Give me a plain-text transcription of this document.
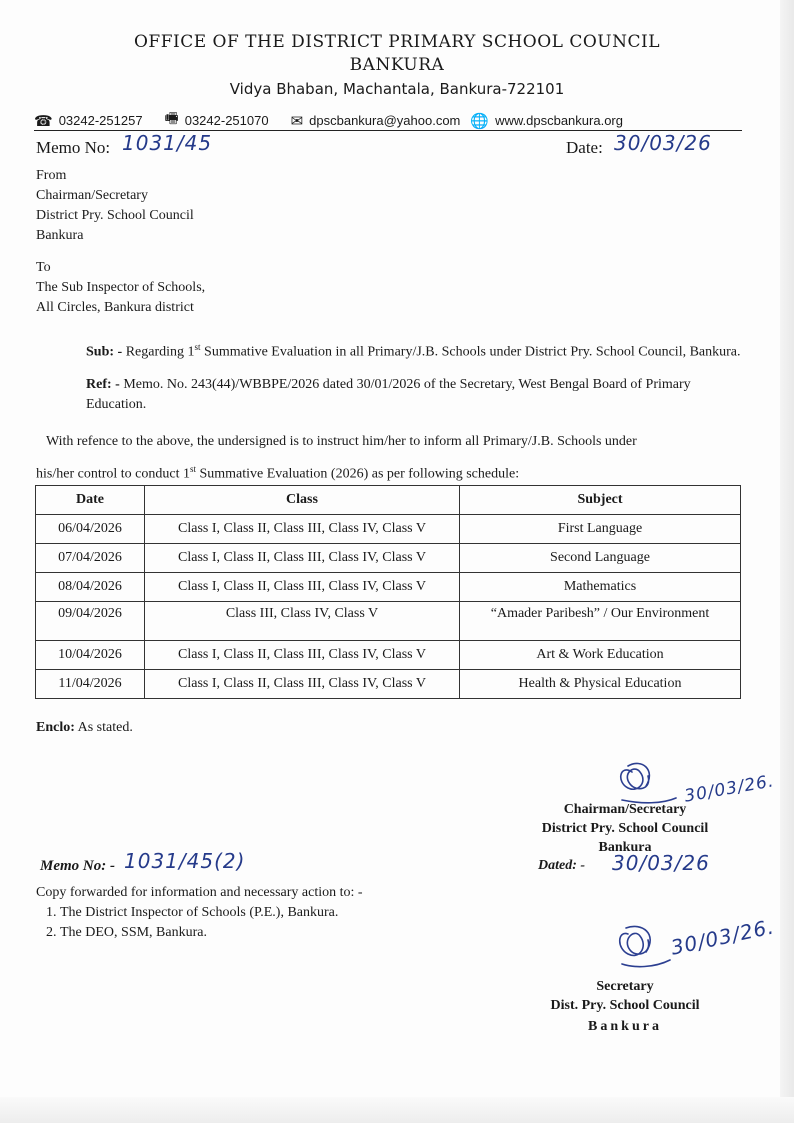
OFFICE OF THE DISTRICT PRIMARY SCHOOL COUNCIL
BANKURA
Vidya Bhaban, Machantala, Bankura-722101
☎ 03242-251257 🖷 03242-251070 ✉ dpscbankura@yahoo.com 🌐 www.dpscbankura.org
Memo No: 1031/45	Date: 30/03/26
From
Chairman/Secretary
District Pry. School Council
Bankura
To
The Sub Inspector of Schools,
All Circles, Bankura district
Sub: - Regarding 1st Summative Evaluation in all Primary/J.B. Schools under District Pry. School Council, Bankura.
Ref: - Memo. No. 243(44)/WBBPE/2026 dated 30/01/2026 of the Secretary, West Bengal Board of Primary Education.
With refence to the above, the undersigned is to instruct him/her to inform all Primary/J.B. Schools under
his/her control to conduct 1st Summative Evaluation (2026) as per following schedule:
Date	Class	Subject
06/04/2026	Class I, Class II, Class III, Class IV, Class V	First Language
07/04/2026	Class I, Class II, Class III, Class IV, Class V	Second Language
08/04/2026	Class I, Class II, Class III, Class IV, Class V	Mathematics
09/04/2026	Class III, Class IV, Class V	“Amader Paribesh” / Our Environment
10/04/2026	Class I, Class II, Class III, Class IV, Class V	Art & Work Education
11/04/2026	Class I, Class II, Class III, Class IV, Class V	Health & Physical Education
Enclo: As stated.
30/03/26.
Chairman/Secretary
District Pry. School Council
Bankura
Dated: - 30/03/26
Memo No: - 1031/45(2)
Copy forwarded for information and necessary action to: -
1. The District Inspector of Schools (P.E.), Bankura.
2. The DEO, SSM, Bankura.	30/03/26.
Secretary
Dist. Pry. School Council
Bankura
